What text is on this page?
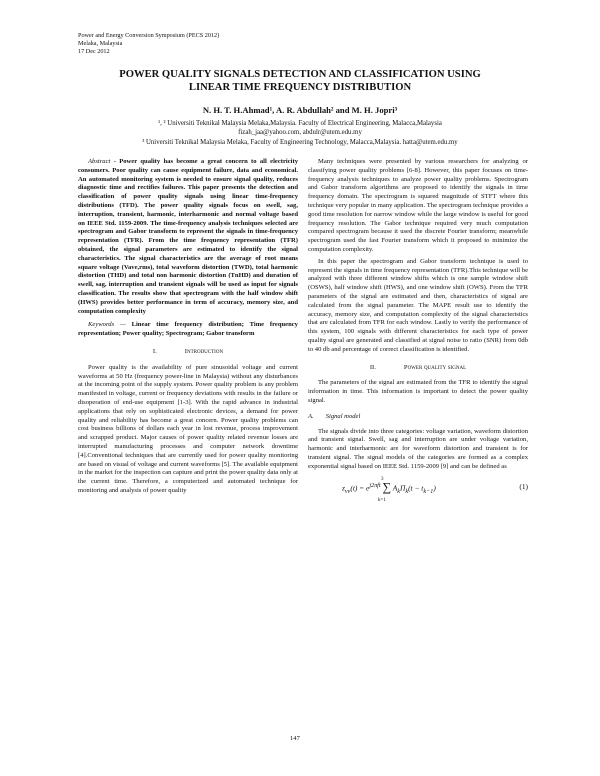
Power and Energy Conversion Symposium (PECS 2012)
Melaka, Malaysia
17 Dec 2012
POWER QUALITY SIGNALS DETECTION AND CLASSIFICATION USING
LINEAR TIME FREQUENCY DISTRIBUTION
N. H. T. H.Ahmad¹, A. R. Abdullah² and M. H. Jopri³
¹, ² Universiti Teknikal Malaysia Melaka,Malaysia. Faculty of Electrical Engineering, Malacca,Malaysia
fizah_jaa@yahoo.com, abdulr@utem.edu.my
³ Universiti Teknikal Malaysia Melaka, Faculty of Engineering Technology, Malacca,Malaysia. hatta@utem.edu.my

Abstract - Power quality has become a great concern to all electricity consumers. Poor quality can cause equipment failure, data and economical. An automated monitoring system is needed to ensure signal quality, reduces diagnostic time and rectifies failures. This paper presents the detection and classification of power quality signals using linear time-frequency distributions (TFD). The power quality signals focus on swell, sag, interruption, transient, harmonic, interharmonic and normal voltage based on IEEE Std. 1159-2009. The time-frequency analysis techniques selected are spectrogram and Gabor transform to represent the signals in time-frequency representation (TFR). From the time frequency representation (TFR) obtained, the signal parameters are estimated to identify the signal characteristics. The signal characteristics are the average of root means square voltage (Vave,rms), total waveform distortion (TWD), total harmonic distortion (THD) and total non harmonic distortion (TnHD) and duration of swell, sag, interruption and transient signals will be used as input for signals classification. The results show that spectrogram with the half window shift (HWS) provides better performance in term of accuracy, memory size, and computation complexity

Keywords — Linear time frequency distribution; Time frequency representation; Power quality; Spectrogram; Gabor transform

I.	Introduction

Power quality is the availability of pure sinusoidal voltage and current waveforms at 50 Hz (frequency power-line in Malaysia) without any disturbances at the incoming point of the supply system. Power quality problem is any problem manifested in voltage, current or frequency deviations with results in the failure or disoperation of end-use equipment [1-3]. With the rapid advance in industrial applications that rely on sophisticated electronic devices, a demand for power quality and reliability has become a great concern. Power quality problems can cost business billions of dollars each year in lost revenue, process improvement and scrapped product. Major causes of power quality related revenue losses are interrupted manufacturing processes and computer network downtime [4].Conventional techniques that are currently used for power quality monitoring are based on visual of voltage and current waveforms [5]. The available equipment in the market for the inspection can capture and print the power quality data only at the current time. Therefore, a computerized and automated technique for monitoring and analysis of power quality

Many techniques were presented by various researchers for analyzing or classifying power quality problems [6-8]. However, this paper focuses on time-frequency analysis techniques to analyze power quality problems. Spectrogram and Gabor transform algorithms are proposed to identify the signals in time frequency domain. The spectrogram is squared magnitude of STFT where this technique very popular in many application. The spectrogram technique provides a good time resolution for narrow window while the large window is useful for good frequency resolution. The Gabor technique required very much computation compared spectrogram because it used the discrete Fourier transform; meanwhile spectrogram used the fast Fourier transform which it proposed to minimize the computation complexity.

In this paper the spectrogram and Gabor transform technique is used to represent the signals in time frequency representation (TFR).This technique will be analyzed with three different window shifts which is one sample window shift (OSWS), half window shift (HWS), and one window shift (OWS). From the TFR parameters of the signal are estimated and then, characteristics of signal are calculated from the signal parameter. The MAPE result use to identify the accuracy, memory size, and computation complexity of the signal characteristics that are calculated from TFR for each window. Lastly to verify the performance of this system, 100 signals with different characteristics for each type of power quality signal are generated and classified at signal noise to ratio (SNR) from 0db to 40 db and percentage of correct classification is identified.

II.	Power quality signal

The parameters of the signal are estimated from the TFR to identify the signal information in time. This information is important to detect the power quality signal.

A. Signal model

The signals divide into three categories: voltage variation, waveform distortion and transient signal. Swell, sag and interruption are under voltage variation, harmonic and interharmonic are for waveform distortion and transient is for transient signal. The signal models of the categories are formed as a complex exponential signal based on IEEE Std. 1159-2009 [9] and can be defined as

$z_{vv}(t) = e^{j2\pi ft}$ ∑ $A_k\Pi_k(t - t_{k-1})$
3
k=1
(1)
147
